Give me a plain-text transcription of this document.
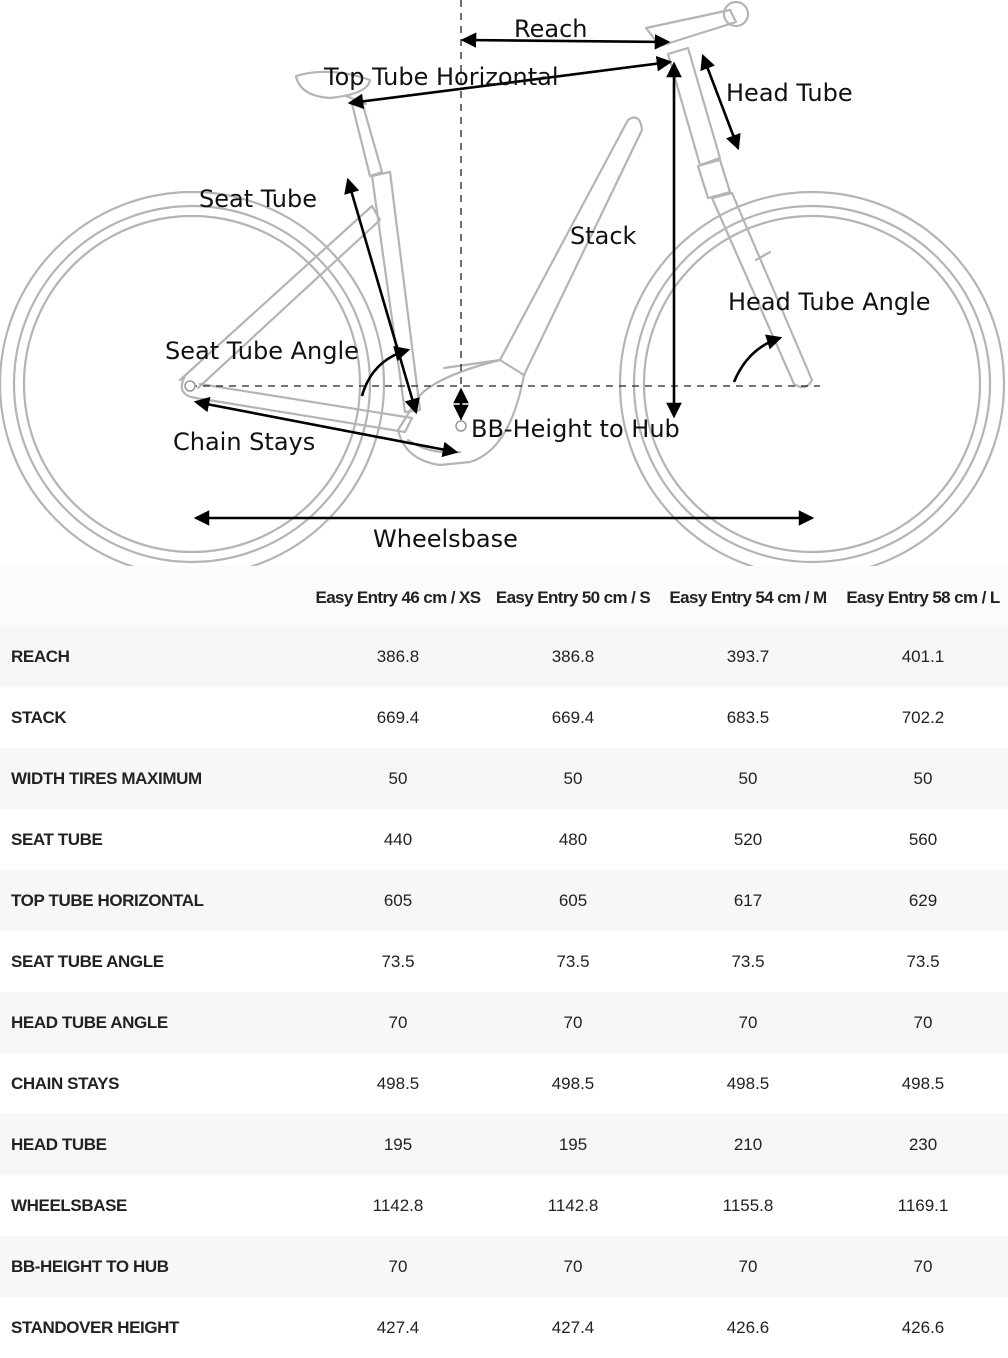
Reach
Top Tube Horizontal
Head Tube
Seat Tube
Stack
Head Tube Angle
Seat Tube Angle
Chain Stays	BB-Height to Hub
Wheelsbase
	Easy Entry 46 cm / XS	Easy Entry 50 cm / S	Easy Entry 54 cm / M	Easy Entry 58 cm / L
REACH	386.8	386.8	393.7	401.1
STACK	669.4	669.4	683.5	702.2
WIDTH TIRES MAXIMUM	50	50	50	50
SEAT TUBE	440	480	520	560
TOP TUBE HORIZONTAL	605	605	617	629
SEAT TUBE ANGLE	73.5	73.5	73.5	73.5
HEAD TUBE ANGLE	70	70	70	70
CHAIN STAYS	498.5	498.5	498.5	498.5
HEAD TUBE	195	195	210	230
WHEELSBASE	1142.8	1142.8	1155.8	1169.1
BB-HEIGHT TO HUB	70	70	70	70
STANDOVER HEIGHT	427.4	427.4	426.6	426.6
